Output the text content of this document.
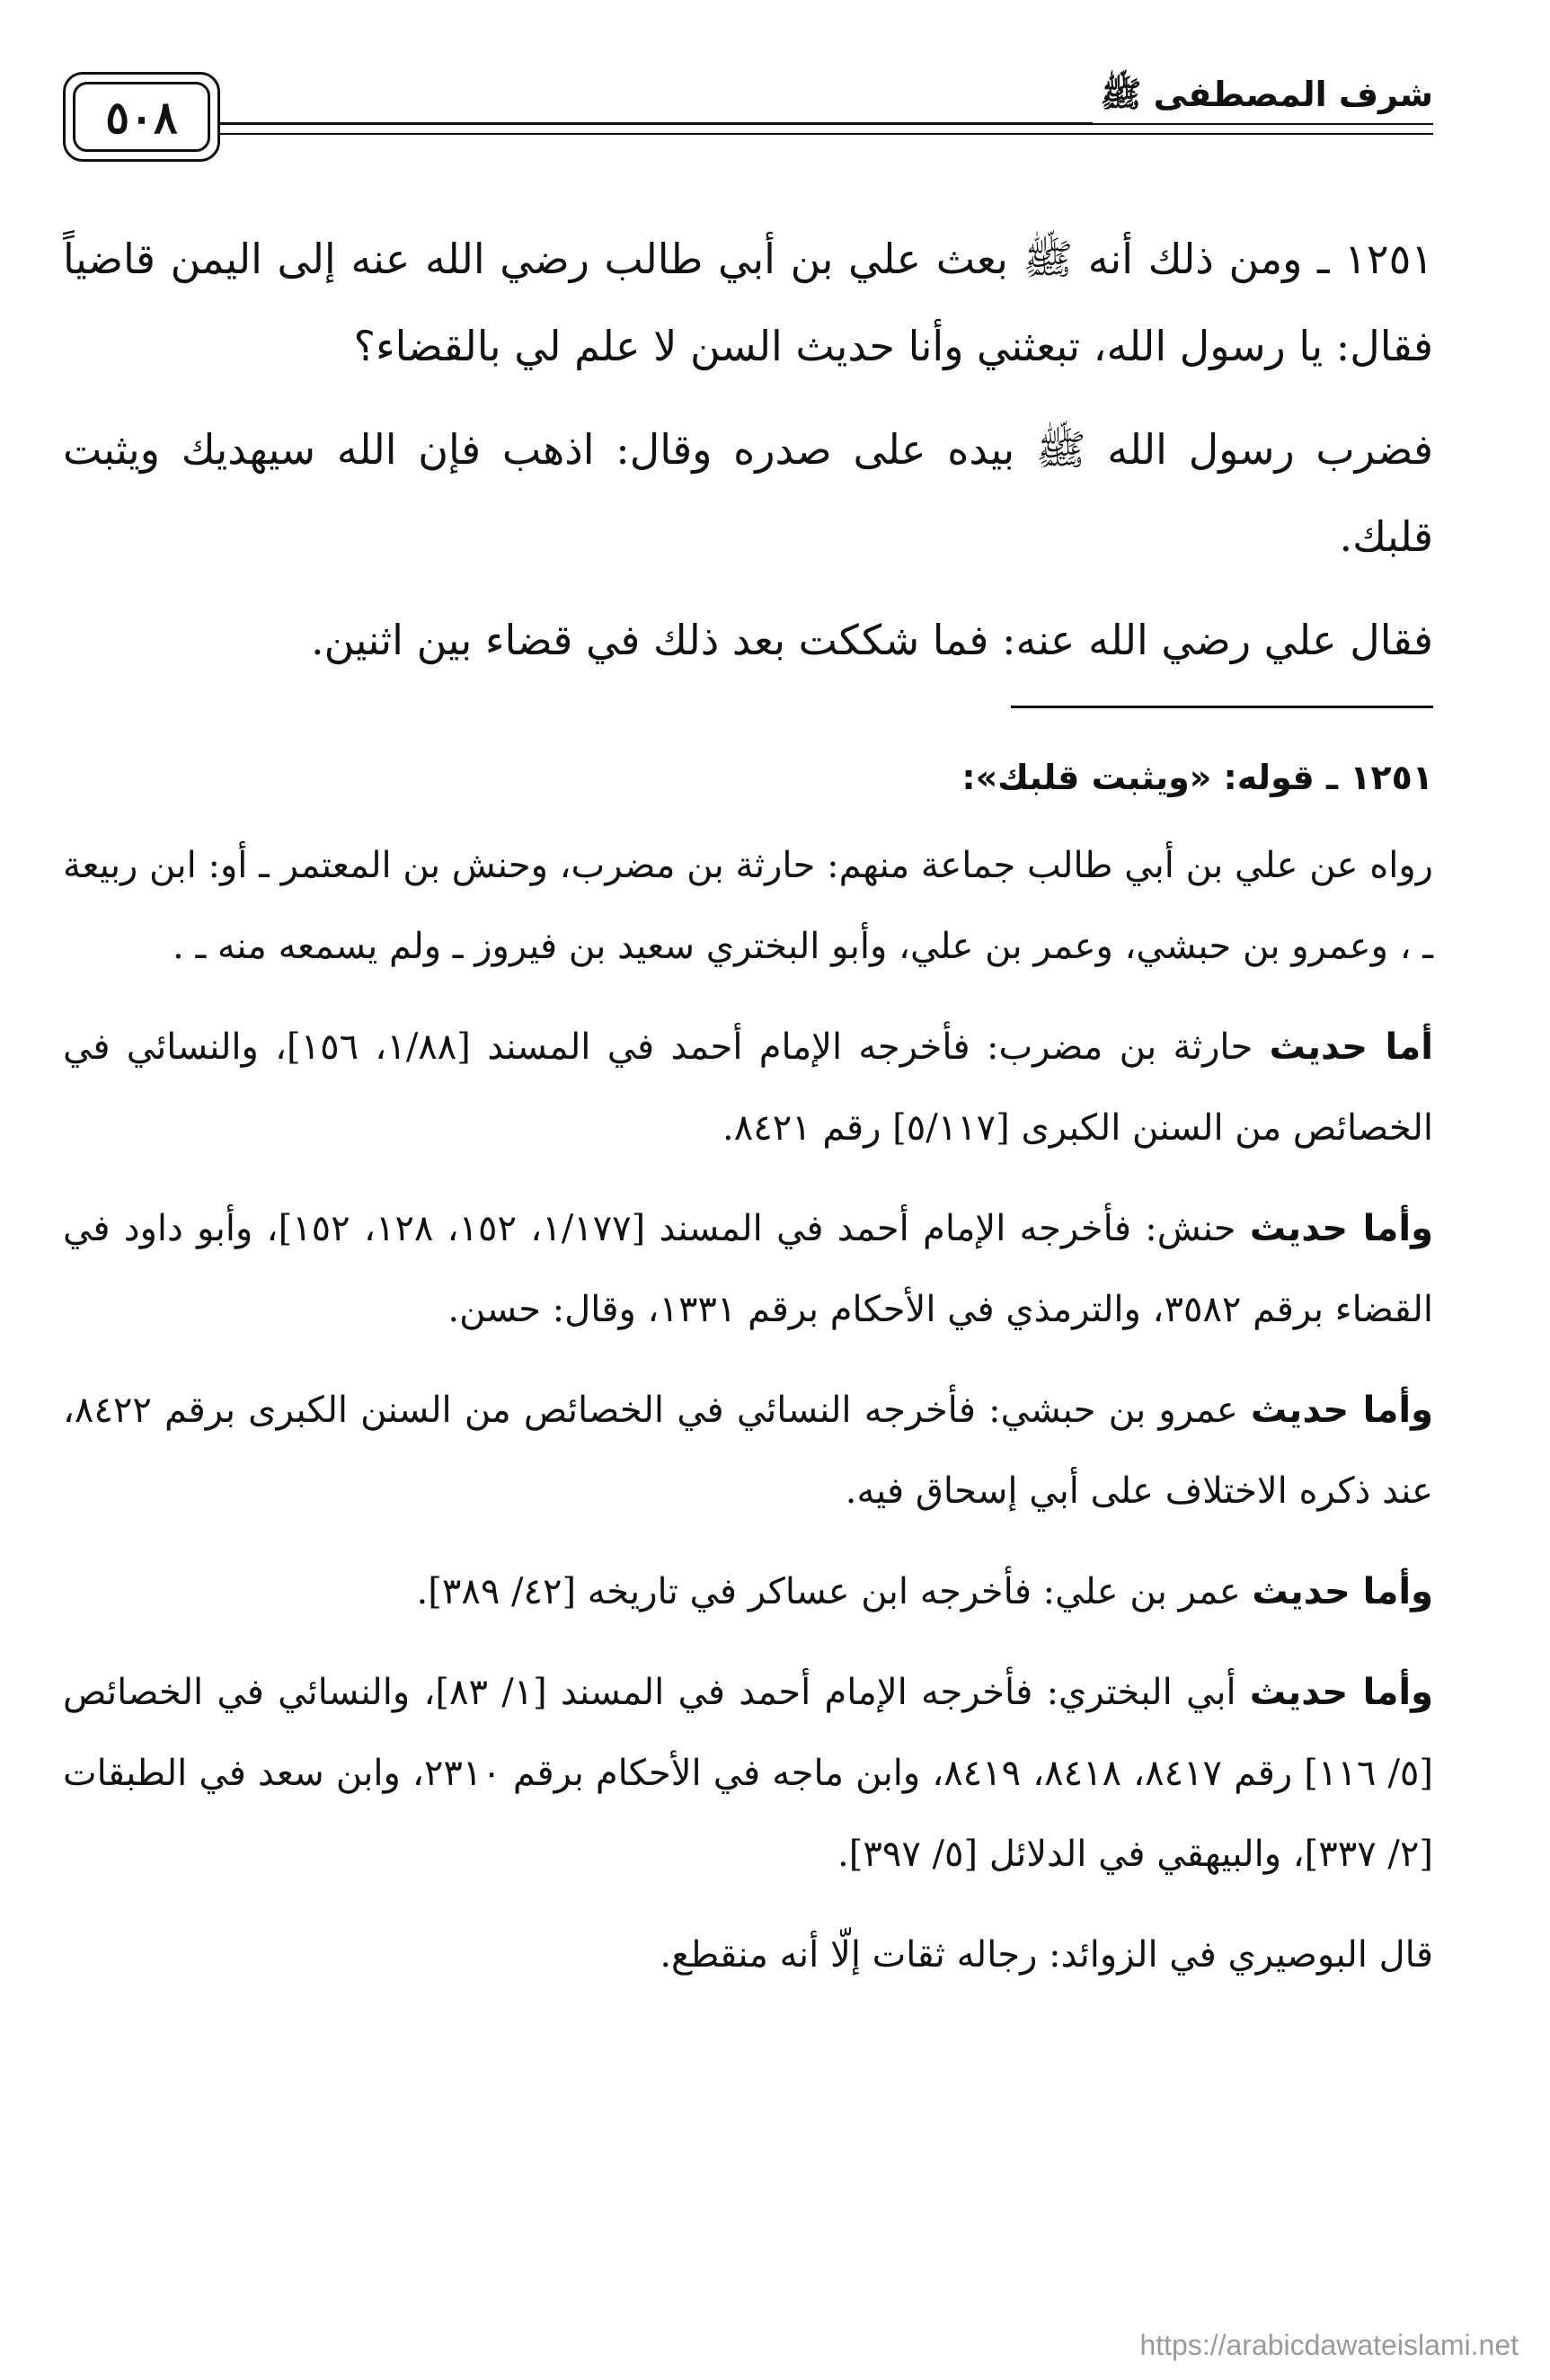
٥٠٨	شرف المصطفى ﷺ

١٢٥١ ـ ومن ذلك أنه ﷺ بعث علي بن أبي طالب رضي الله عنه إلى اليمن قاضياً فقال: يا رسول الله، تبعثني وأنا حديث السن لا علم لي بالقضاء؟

فضرب رسول الله ﷺ بيده على صدره وقال: اذهب فإن الله سيهديك ويثبت قلبك.

فقال علي رضي الله عنه: فما شككت بعد ذلك في قضاء بين اثنين.

١٢٥١ ـ قوله: «ويثبت قلبك»:

رواه عن علي بن أبي طالب جماعة منهم: حارثة بن مضرب، وحنش بن المعتمر ـ أو: ابن ربيعة ـ ، وعمرو بن حبشي، وعمر بن علي، وأبو البختري سعيد بن فيروز ـ ولم يسمعه منه ـ .

أما حديث حارثة بن مضرب: فأخرجه الإمام أحمد في المسند [١/٨٨، ١٥٦]، والنسائي في الخصائص من السنن الكبرى [٥/١١٧] رقم ٨٤٢١.

وأما حديث حنش: فأخرجه الإمام أحمد في المسند [١/١٧٧، ١٥٢، ١٢٨، ١٥٢]، وأبو داود في القضاء برقم ٣٥٨٢، والترمذي في الأحكام برقم ١٣٣١، وقال: حسن.

وأما حديث عمرو بن حبشي: فأخرجه النسائي في الخصائص من السنن الكبرى برقم ٨٤٢٢، عند ذكره الاختلاف على أبي إسحاق فيه.

وأما حديث عمر بن علي: فأخرجه ابن عساكر في تاريخه [٤٢/ ٣٨٩].

وأما حديث أبي البختري: فأخرجه الإمام أحمد في المسند [١/ ٨٣]، والنسائي في الخصائص [٥/ ١١٦] رقم ٨٤١٧، ٨٤١٨، ٨٤١٩، وابن ماجه في الأحكام برقم ٢٣١٠، وابن سعد في الطبقات [٢/ ٣٣٧]، والبيهقي في الدلائل [٥/ ٣٩٧].

قال البوصيري في الزوائد: رجاله ثقات إلّا أنه منقطع.

https://arabicdawateislami.net
